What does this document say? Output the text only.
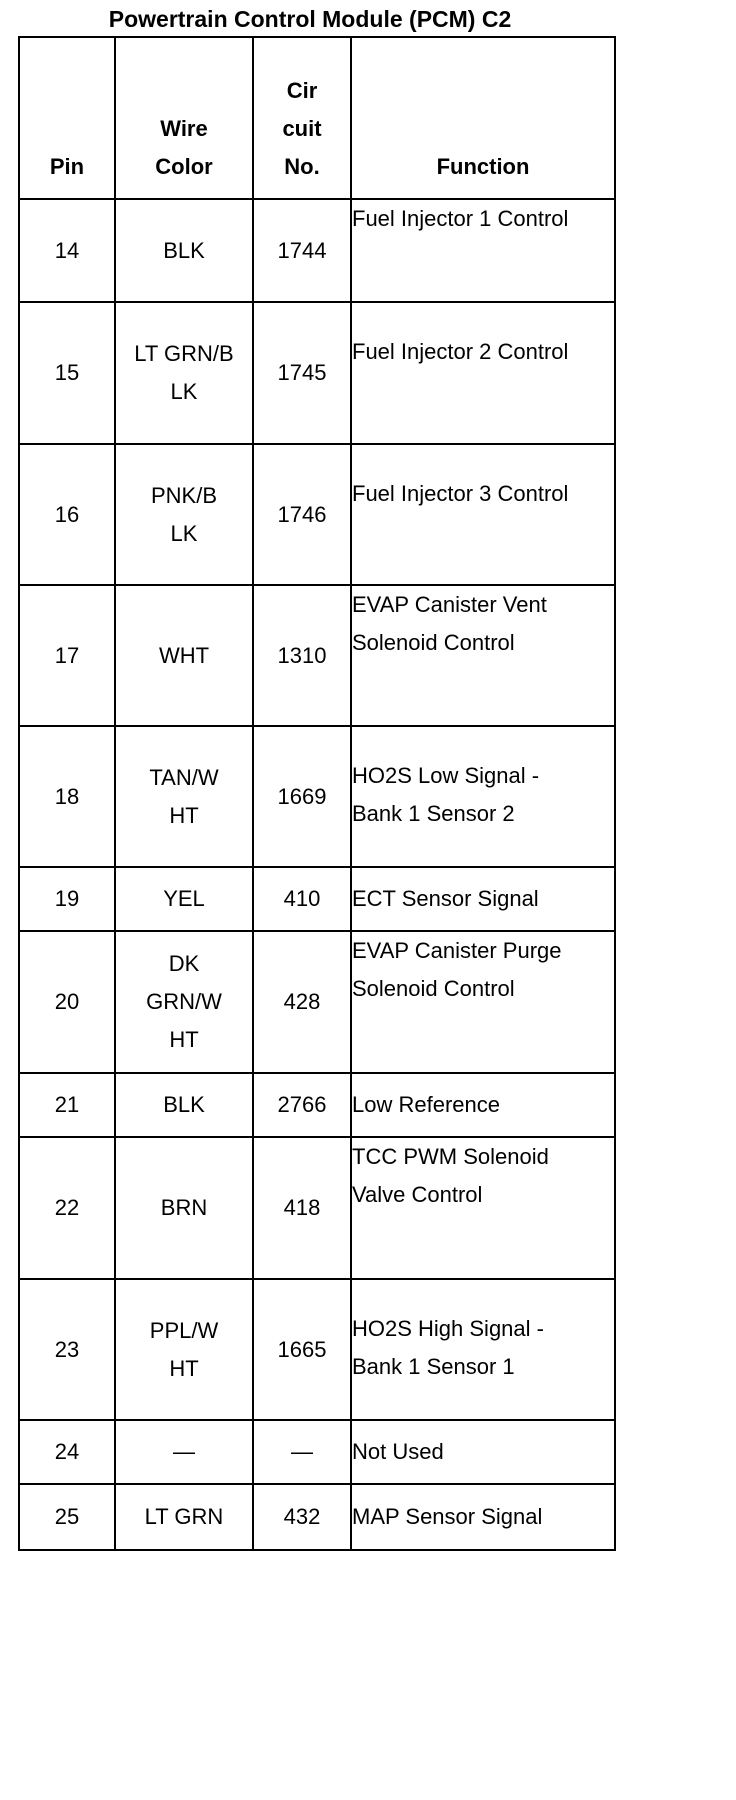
Powertrain Control Module (PCM) C2
Pin	Wire Color	Cir cuit No.	Function
14	BLK	1744	Fuel Injector 1 Control
15	LT GRN/B LK	1745	Fuel Injector 2 Control
16	PNK/B LK	1746	Fuel Injector 3 Control
17	WHT	1310	EVAP Canister Vent Solenoid Control
18	TAN/W HT	1669	HO2S Low Signal - Bank 1 Sensor 2
19	YEL	410	ECT Sensor Signal
20	DK GRN/W HT	428	EVAP Canister Purge Solenoid Control
21	BLK	2766	Low Reference
22	BRN	418	TCC PWM Solenoid Valve Control
23	PPL/W HT	1665	HO2S High Signal - Bank 1 Sensor 1
24	—	—	Not Used
25	LT GRN	432	MAP Sensor Signal
